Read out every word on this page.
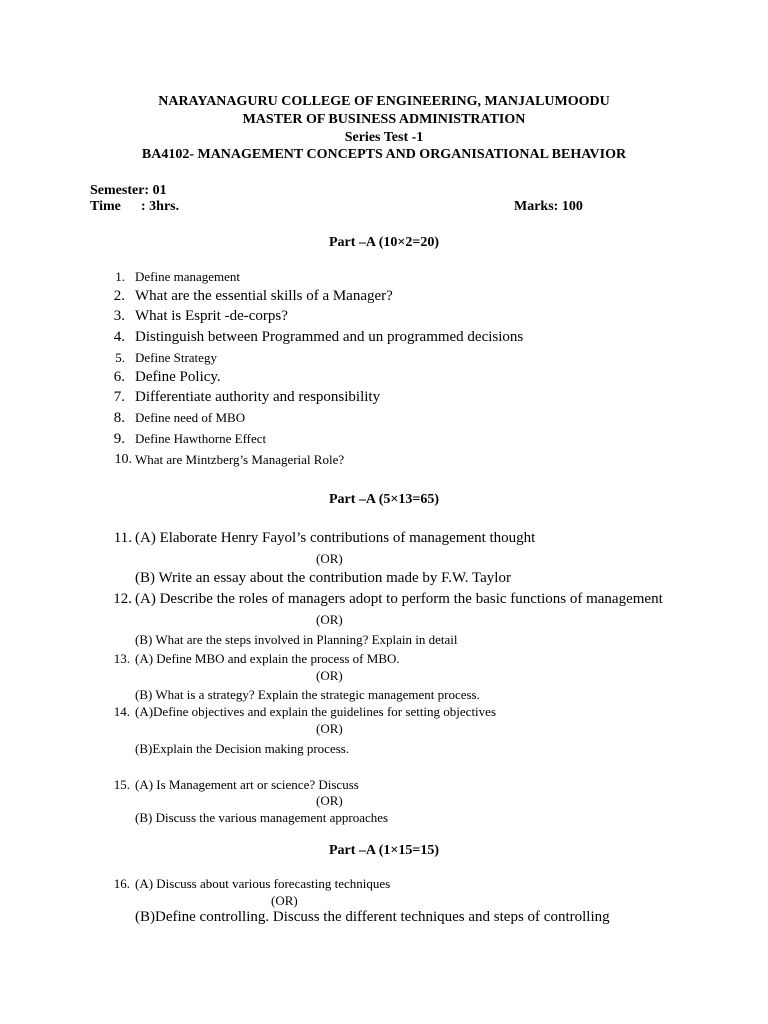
NARAYANAGURU COLLEGE OF ENGINEERING, MANJALUMOODU
MASTER OF BUSINESS ADMINISTRATION
Series Test -1
BA4102- MANAGEMENT CONCEPTS AND ORGANISATIONAL BEHAVIOR
Semester: 01
Time : 3hrs.	Marks: 100
Part –A (10×2=20)
1. Define management
2. What are the essential skills of a Manager?
3. What is Esprit -de-corps?
4. Distinguish between Programmed and un programmed decisions
5. Define Strategy
6. Define Policy.
7. Differentiate authority and responsibility
8. Define need of MBO
9. Define Hawthorne Effect
10. What are Mintzberg’s Managerial Role?
Part –A (5×13=65)
11. (A) Elaborate Henry Fayol’s contributions of management thought
(OR)
(B) Write an essay about the contribution made by F.W. Taylor
12. (A) Describe the roles of managers adopt to perform the basic functions of management
(OR)
(B) What are the steps involved in Planning? Explain in detail
13. (A) Define MBO and explain the process of MBO.
(OR)
(B) What is a strategy? Explain the strategic management process.
14. (A)Define objectives and explain the guidelines for setting objectives
(OR)
(B)Explain the Decision making process.
15. (A) Is Management art or science? Discuss
(OR)
(B) Discuss the various management approaches
Part –A (1×15=15)
16. (A) Discuss about various forecasting techniques
(OR)
(B)Define controlling. Discuss the different techniques and steps of controlling
